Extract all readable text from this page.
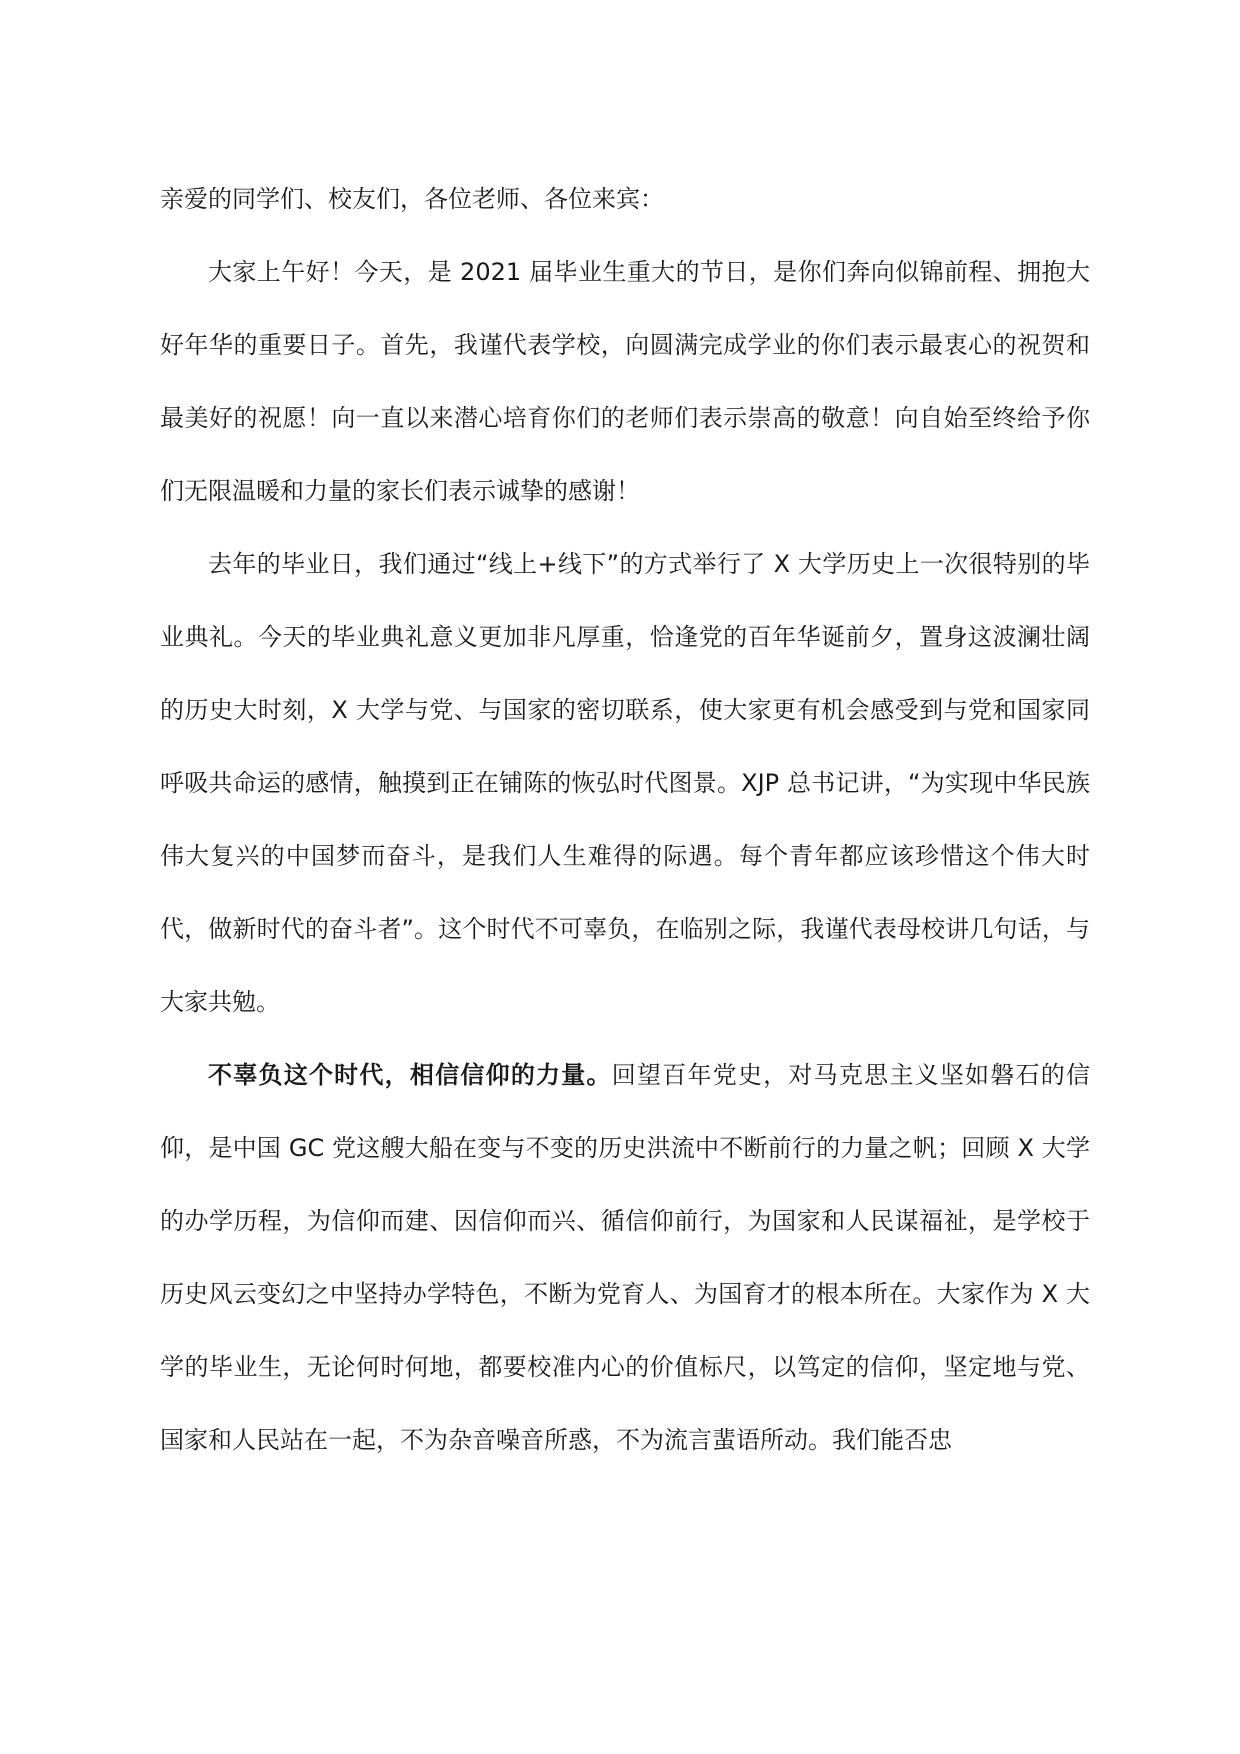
亲爱的同学们、校友们，各位老师、各位来宾：

大家上午好！今天，是 2021 届毕业生重大的节日，是你们奔向似锦前程、拥抱大好年华的重要日子。首先，我谨代表学校，向圆满完成学业的你们表示最衷心的祝贺和最美好的祝愿！向一直以来潜心培育你们的老师们表示崇高的敬意！向自始至终给予你们无限温暖和力量的家长们表示诚挚的感谢！

去年的毕业日，我们通过“线上+线下”的方式举行了 X 大学历史上一次很特别的毕业典礼。今天的毕业典礼意义更加非凡厚重，恰逢党的百年华诞前夕，置身这波澜壮阔的历史大时刻，X 大学与党、与国家的密切联系，使大家更有机会感受到与党和国家同呼吸共命运的感情，触摸到正在铺陈的恢弘时代图景。XJP 总书记讲，“为实现中华民族伟大复兴的中国梦而奋斗，是我们人生难得的际遇。每个青年都应该珍惜这个伟大时代，做新时代的奋斗者”。这个时代不可辜负，在临别之际，我谨代表母校讲几句话，与大家共勉。

不辜负这个时代，相信信仰的力量。回望百年党史，对马克思主义坚如磐石的信仰，是中国 GC 党这艘大船在变与不变的历史洪流中不断前行的力量之帆；回顾 X 大学的办学历程，为信仰而建、因信仰而兴、循信仰前行，为国家和人民谋福祉，是学校于历史风云变幻之中坚持办学特色，不断为党育人、为国育才的根本所在。大家作为 X 大学的毕业生，无论何时何地，都要校准内心的价值标尺，以笃定的信仰，坚定地与党、国家和人民站在一起，不为杂音噪音所惑，不为流言蜚语所动。我们能否忠
